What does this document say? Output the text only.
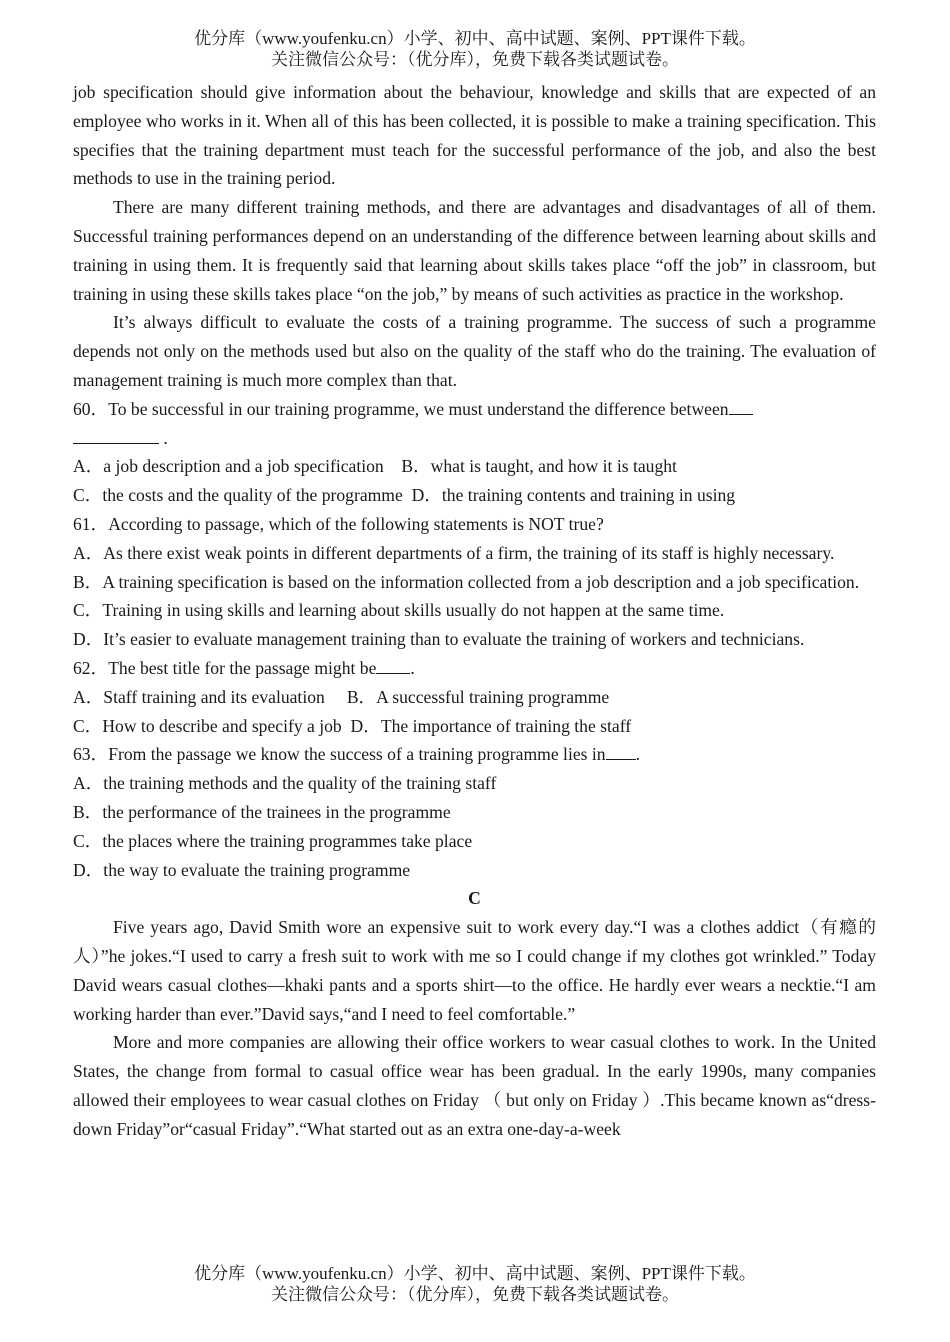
优分库（www.youfenku.cn）小学、初中、高中试题、案例、PPT课件下载。
关注微信公众号：（优分库），免费下载各类试题试卷。

job specification should give information about the behaviour, knowledge and skills that are expected of an employee who works in it. When all of this has been collected, it is possible to make a training specification. This specifies that the training department must teach for the successful performance of the job, and also the best methods to use in the training period.

There are many different training methods, and there are advantages and disadvantages of all of them. Successful training performances depend on an understanding of the difference between learning about skills and training in using them. It is frequently said that learning about skills takes place “off the job” in classroom, but training in using these skills takes place “on the job,” by means of such activities as practice in the workshop.

It’s always difficult to evaluate the costs of a training programme. The success of such a programme depends not only on the methods used but also on the quality of the staff who do the training. The evaluation of management training is much more complex than that.

60．To be successful in our training programme, we must understand the difference between
.

A．a job description and a job specification B．what is taught, and how it is taught

C．the costs and the quality of the programme D．the training contents and training in using

61．According to passage, which of the following statements is NOT true?

A．As there exist weak points in different departments of a firm, the training of its staff is highly necessary.

B．A training specification is based on the information collected from a job description and a job specification.

C．Training in using skills and learning about skills usually do not happen at the same time.

D．It’s easier to evaluate management training than to evaluate the training of workers and technicians.

62．The best title for the passage might be .

A．Staff training and its evaluation B．A successful training programme

C．How to describe and specify a job D．The importance of training the staff

63．From the passage we know the success of a training programme lies in .

A．the training methods and the quality of the training staff

B．the performance of the trainees in the programme

C．the places where the training programmes take place

D．the way to evaluate the training programme

C

Five years ago, David Smith wore an expensive suit to work every day.“I was a clothes addict（有瘾的人）”he jokes.“I used to carry a fresh suit to work with me so I could change if my clothes got wrinkled.” Today David wears casual clothes—khaki pants and a sports shirt—to the office. He hardly ever wears a necktie.“I am working harder than ever.”David says,“and I need to feel comfortable.”

More and more companies are allowing their office workers to wear casual clothes to work. In the United States, the change from formal to casual office wear has been gradual. In the early 1990s, many companies allowed their employees to wear casual clothes on Friday （ but only on Friday ）.This became known as“dress-down Friday”or“casual Friday”.“What started out as an extra one-day-a-week

优分库（www.youfenku.cn）小学、初中、高中试题、案例、PPT课件下载。
关注微信公众号：（优分库），免费下载各类试题试卷。
